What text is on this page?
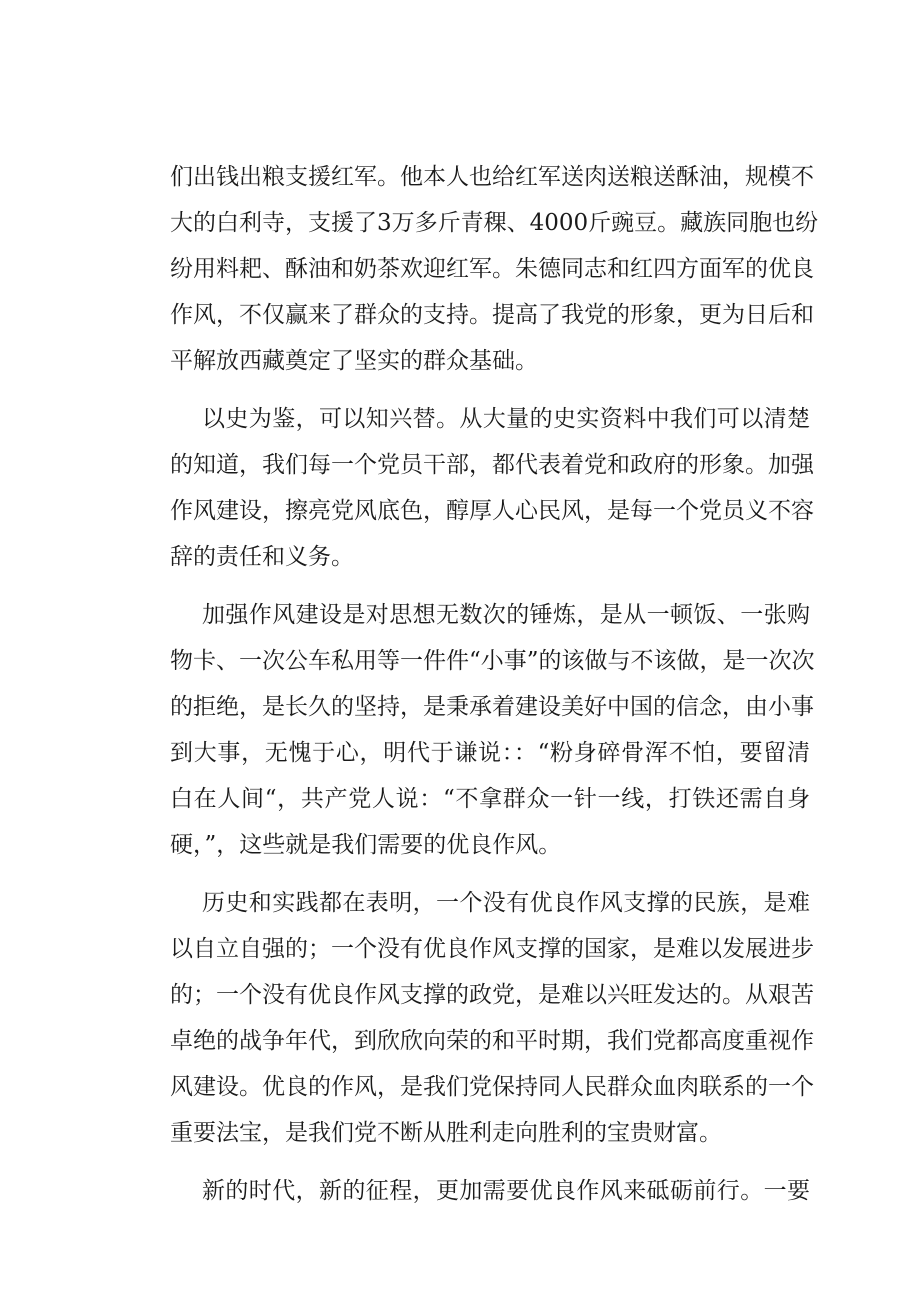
们出钱出粮支援红军。他本人也给红军送肉送粮送酥油，规模不
大的白利寺，支援了3万多斤青稞、4000斤豌豆。藏族同胞也纷
纷用料耙、酥油和奶茶欢迎红军。朱德同志和红四方面军的优良
作风，不仅赢来了群众的支持。提高了我党的形象，更为日后和
平解放西藏奠定了坚实的群众基础。
以史为鉴，可以知兴替。从大量的史实资料中我们可以清楚
的知道，我们每一个党员干部，都代表着党和政府的形象。加强
作风建设，擦亮党风底色，醇厚人心民风，是每一个党员义不容
辞的责任和义务。
加强作风建设是对思想无数次的锤炼，是从一顿饭、一张购
物卡、一次公车私用等一件件“小事”的该做与不该做，是一次次
的拒绝，是长久的坚持，是秉承着建设美好中国的信念，由小事
到大事，无愧于心，明代于谦说：：“粉身碎骨浑不怕，要留清
白在人间“，共产党人说：“不拿群众一针一线，打铁还需自身
硬，”，这些就是我们需要的优良作风。
历史和实践都在表明，一个没有优良作风支撑的民族，是难
以自立自强的；一个没有优良作风支撑的国家，是难以发展进步
的；一个没有优良作风支撑的政党，是难以兴旺发达的。从艰苦
卓绝的战争年代，到欣欣向荣的和平时期，我们党都高度重视作
风建设。优良的作风，是我们党保持同人民群众血肉联系的一个
重要法宝，是我们党不断从胜利走向胜利的宝贵财富。
新的时代，新的征程，更加需要优良作风来砥砺前行。一要
